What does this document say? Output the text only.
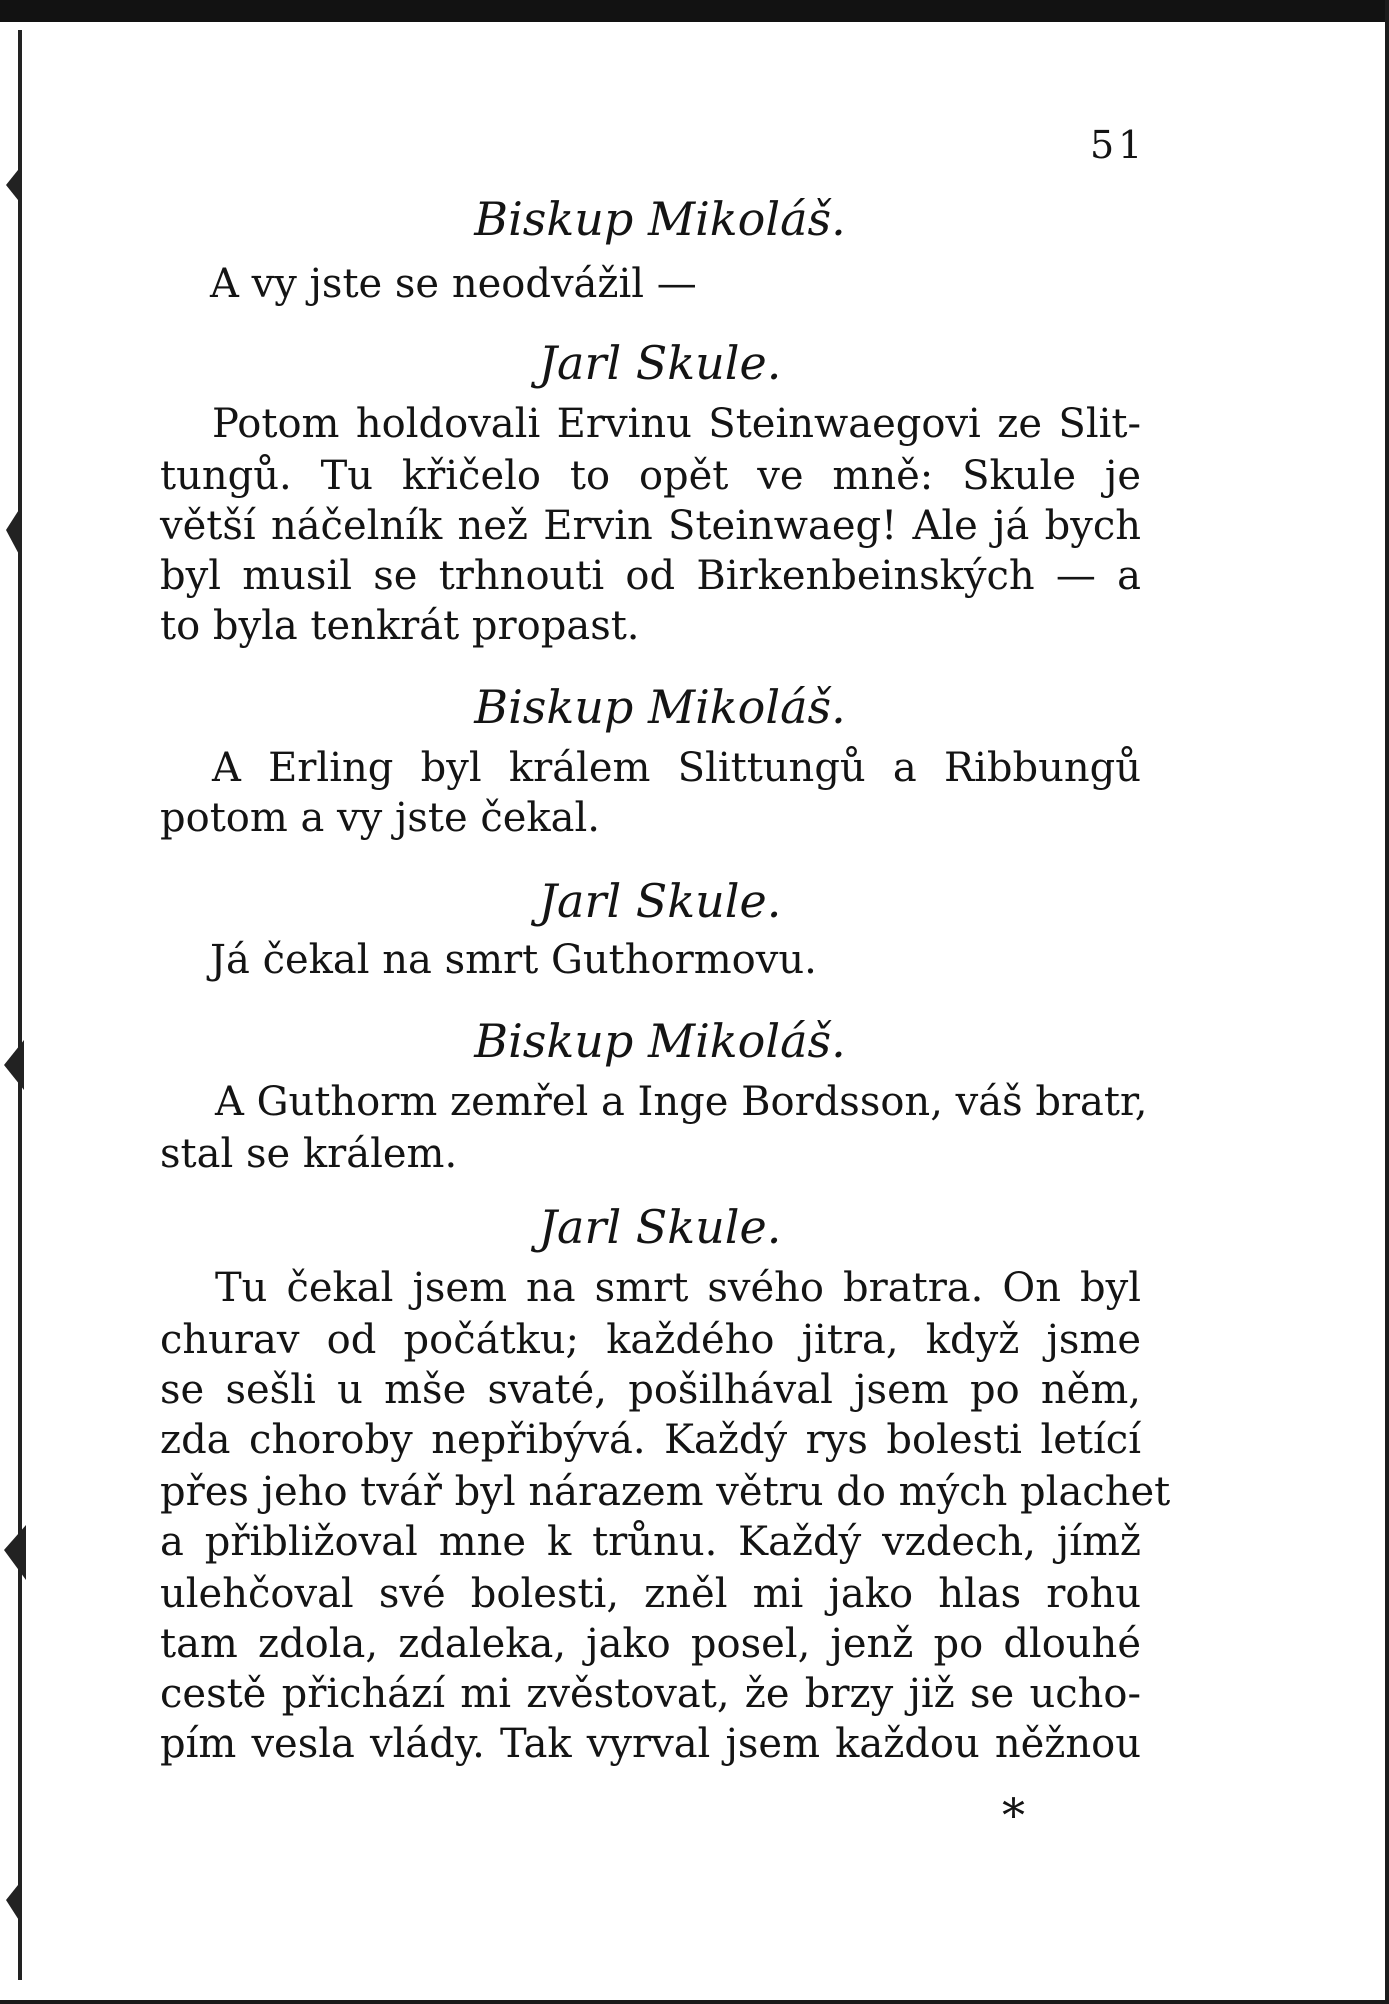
51
Biskup Mikoláš.
A vy jste se neodvážil —
Jarl Skule.
Potom holdovali Ervinu Steinwaegovi ze Slit-
tungů. Tu křičelo to opět ve mně: Skule je
větší náčelník než Ervin Steinwaeg! Ale já bych
byl musil se trhnouti od Birkenbeinských — a
to byla tenkrát propast.
Biskup Mikoláš.
A Erling byl králem Slittungů a Ribbungů
potom a vy jste čekal.
Jarl Skule.
Já čekal na smrt Guthormovu.
Biskup Mikoláš.
A Guthorm zemřel a Inge Bordsson, váš bratr,
stal se králem.
Jarl Skule.
Tu čekal jsem na smrt svého bratra. On byl
churav od počátku; každého jitra, když jsme
se sešli u mše svaté, pošilhával jsem po něm,
zda choroby nepřibývá. Každý rys bolesti letící
přes jeho tvář byl nárazem větru do mých plachet
a přibližoval mne k trůnu. Každý vzdech, jímž
ulehčoval své bolesti, zněl mi jako hlas rohu
tam zdola, zdaleka, jako posel, jenž po dlouhé
cestě přichází mi zvěstovat, že brzy již se ucho-
pím vesla vlády. Tak vyrval jsem každou něžnou
*
